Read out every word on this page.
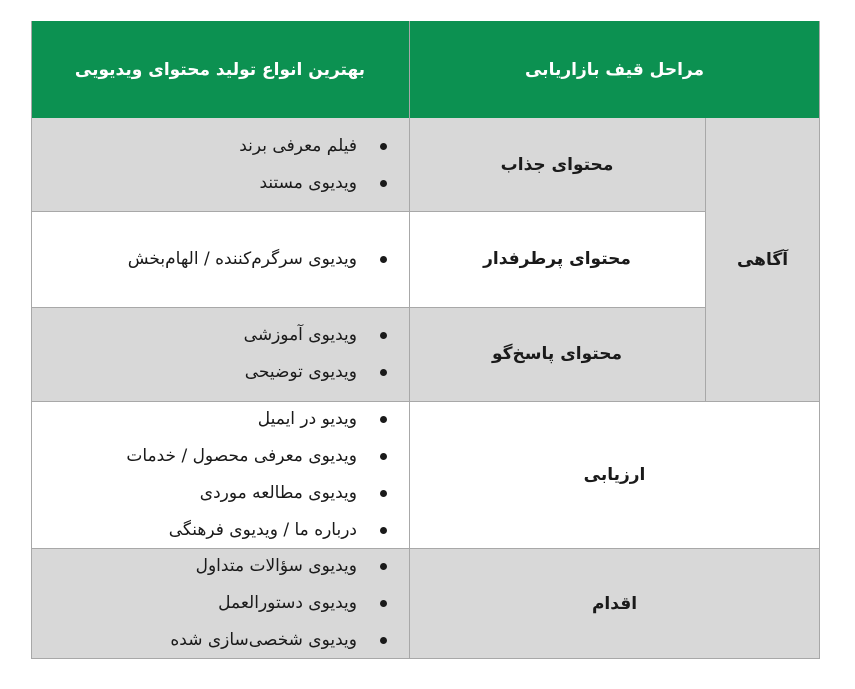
بهترین انواع تولید محتوای ویدیویی	مراحل قیف بازاریابی
فیلم معرفی برند
ویدیوی مستند
محتوای جذاب
ویدیوی سرگرم‌کننده / الهام‌بخش	محتوای پرطرفدار
ویدیوی آموزشی
ویدیوی توضیحی
محتوای پاسخ‌گو
آگاهی
ویدیو در ایمیل
ویدیوی معرفی محصول / خدمات
ویدیوی مطالعه موردی
درباره ما / ویدیوی فرهنگی
ارزیابی
ویدیوی سؤالات متداول
ویدیوی دستورالعمل
ویدیوی شخصی‌سازی شده
اقدام
